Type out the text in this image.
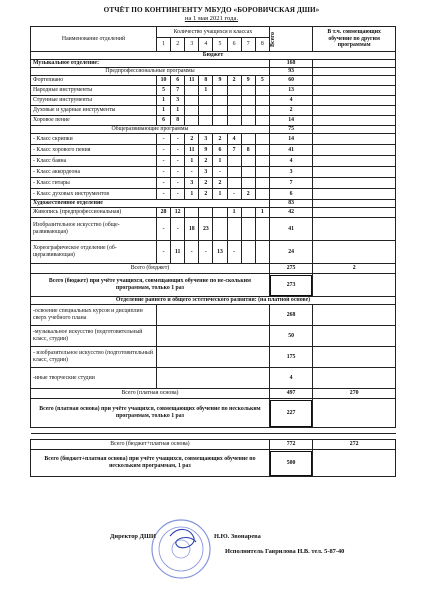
ОТЧЁТ ПО КОНТИНГЕНТУ МБУДО «БОРОВИЧСКАЯ ДШИ»
на 1 мая 2021 года.
Наименование отделений	Количество учащихся в классах								Всего	В т.ч. совмещающих обучение по другим программам
	1	2	3	4	5	6	7	8		
Бюджет										
Музыкальное отделение:									168	
Предпрофессиональные программы									93	
Фортепиано	10	6	11	8	9	2	9	5	60	
Народные инструменты	5	7		1					13	
Струнные инструменты	1	3							4	
Духовые и ударные инструменты	1	1							2	
Хоровое пение	6	8							14	
Общеразвивающие программы									75	
- Класс скрипки	-	-	2	3	2	4			14	
- Класс хорового пения	-	-	11	9	6	7	8		41	
- Класс баяна	-	-	1	2	1				4	
- Класс аккордеона	-	-	-	3	-				3	
- Класс гитары	-	-	3	2	2				7	
- Класс духовых инструментов	-	-	1	2	1	-	2		6	
Художественное отделение									83	
Живопись (предпрофессиональная)	28	12				1		1	42	
Изобразительное искусство (обще-развивающая)	-	-	18	23					41	
Хореографическое отделение (об-щеразвивающая)	-	11	-	-	13	-			24	
Всего (бюджет)									275	2
Всего (бюджет) при учёте учащихся, совмещающих обучение по не-скольким программам, только 1 раз									273	
Отделение раннего и общего эстетического развития: (на платной основе)										
-освоение специальных курсов и дисциплин сверх учебного плана									268	
-музыкальное искусство (подготовительный класс, студии)									50	
- изобразительное искусство (подготовительный класс, студии)									175	
-иные творческие студии									4	
Всего (платная основа)									497	270
Всего (платная основа) при учёте учащихся, совмещающих обучение по нескольким программам, только 1 раз									227	

Всего (бюджет+платная основа)									772	272
Всего (бюджет+платная основа) при учёте учащихся, совмещающих обучение по нескольким программам, 1 раз									500	
Директор ДШИ	Н.Ю. Звонарева
Исполнитель Гаврилова Н.В. тел. 5-87-40
